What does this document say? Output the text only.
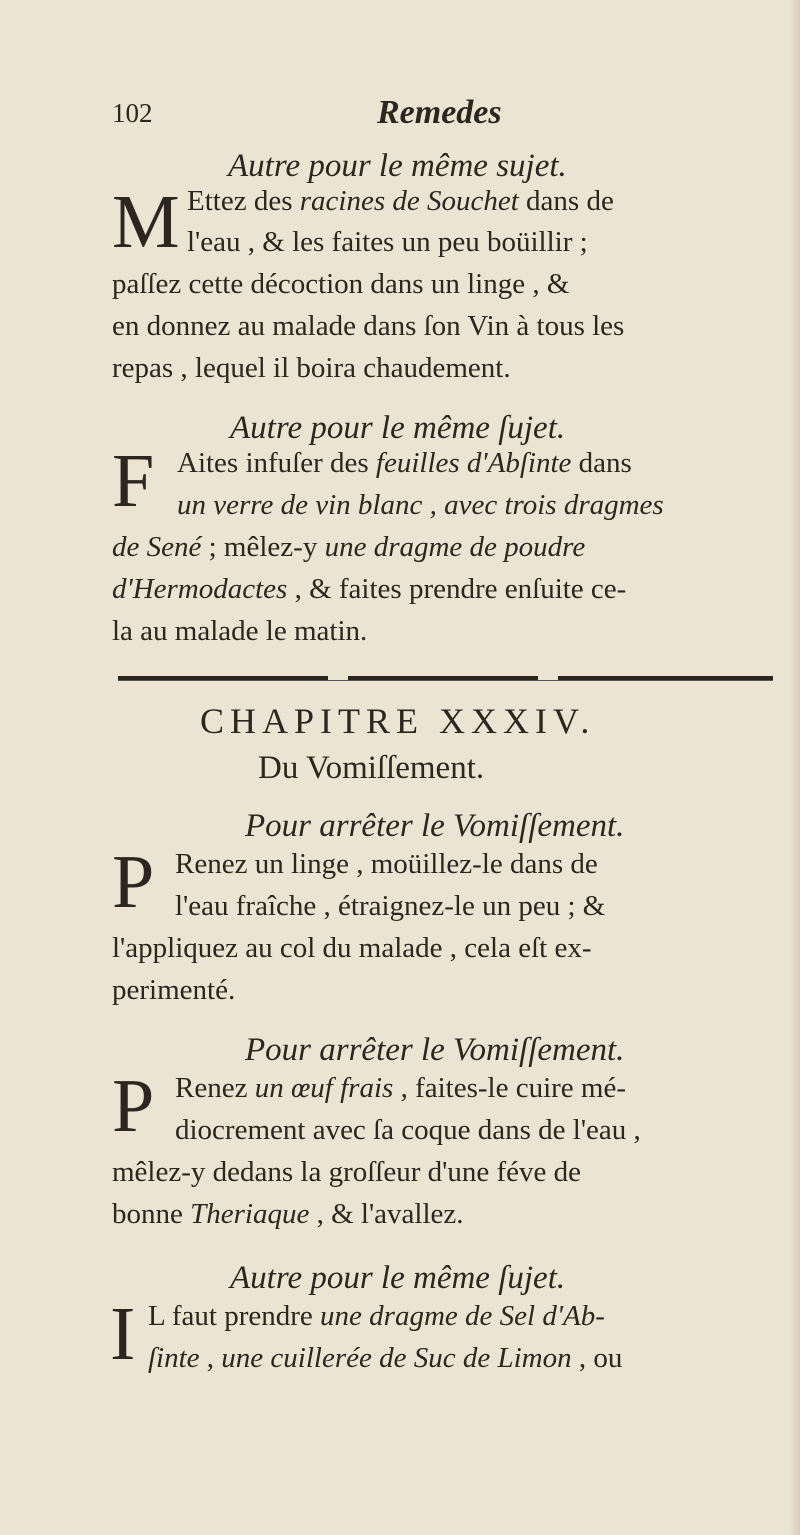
102	Remedes
Autre pour le même sujet.
M Ettez des racines de Souchet dans de
l'eau , & les faites un peu boüillir ;
paſſez cette décoction dans un linge , &
en donnez au malade dans ſon Vin à tous les
repas , lequel il boira chaudement.
Autre pour le même ſujet.
F Aites infuſer des feuilles d'Abſinte dans
un verre de vin blanc , avec trois dragmes
de Sené ; mêlez-y une dragme de poudre
d'Hermodactes , & faites prendre enſuite ce-
la au malade le matin.
CHAPITRE XXXIV.
Du Vomiſſement.
Pour arrêter le Vomiſſement.
P Renez un linge , moüillez-le dans de
l'eau fraîche , étraignez-le un peu ; &
l'appliquez au col du malade , cela eſt ex-
perimenté.
Pour arrêter le Vomiſſement.
P Renez un œuf frais , faites-le cuire mé-
diocrement avec ſa coque dans de l'eau ,
mêlez-y dedans la groſſeur d'une féve de
bonne Theriaque , & l'avallez.
Autre pour le même ſujet.
I L faut prendre une dragme de Sel d'Ab-
ſinte , une cuillerée de Suc de Limon , ou
